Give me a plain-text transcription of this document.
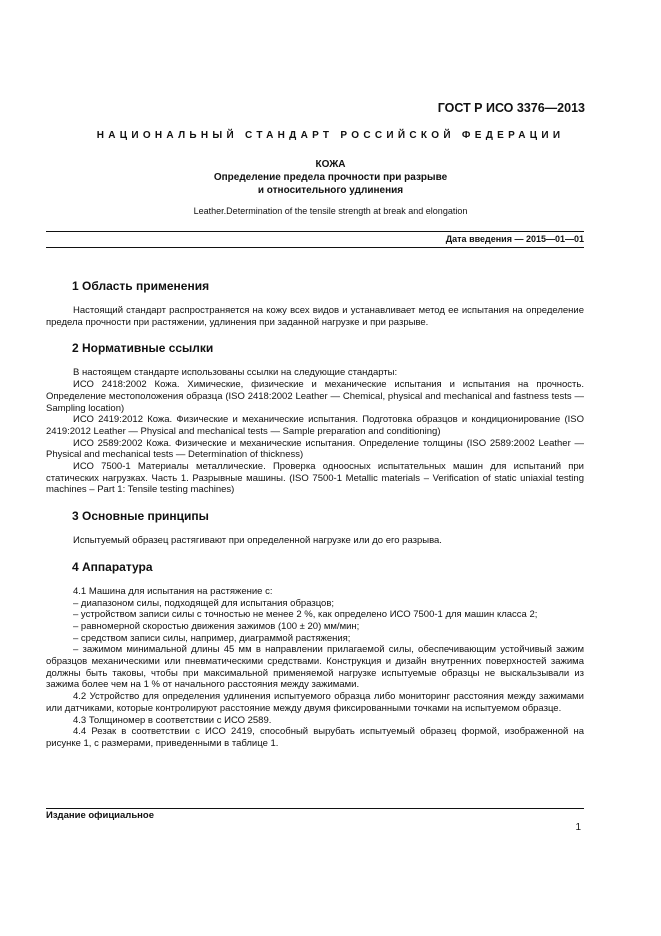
ГОСТ Р ИСО 3376—2013
НАЦИОНАЛЬНЫЙ СТАНДАРТ РОССИЙСКОЙ ФЕДЕРАЦИИ
КОЖА
Определение предела прочности при разрыве
и относительного удлинения
Leather.Determination of the tensile strength at break and elongation
Дата введения — 2015—01—01
1 Область применения

Настоящий стандарт распространяется на кожу всех видов и устанавливает метод ее испытания на определение предела прочности при растяжении, удлинения при заданной нагрузке и при разрыве.

2 Нормативные ссылки

В настоящем стандарте использованы ссылки на следующие стандарты:

ИСО 2418:2002 Кожа. Химические, физические и механические испытания и испытания на прочность. Определение местоположения образца (ISO 2418:2002 Leather — Chemical, physical and mechanical and fastness tests — Sampling location)

ИСО 2419:2012 Кожа. Физические и механические испытания. Подготовка образцов и кондиционирование (ISO 2419:2012 Leather — Physical and mechanical tests — Sample preparation and conditioning)

ИСО 2589:2002 Кожа. Физические и механические испытания. Определение толщины (ISO 2589:2002 Leather — Physical and mechanical tests — Determination of thickness)

ИСО 7500-1 Материалы металлические. Проверка одноосных испытательных машин для испытаний при статических нагрузках. Часть 1. Разрывные машины. (ISO 7500-1 Metallic materials – Verification of static uniaxial testing machines – Part 1: Tensile testing machines)

3 Основные принципы

Испытуемый образец растягивают при определенной нагрузке или до его разрыва.

4 Аппаратура

4.1 Машина для испытания на растяжение с:

– диапазоном силы, подходящей для испытания образцов;

– устройством записи силы с точностью не менее 2 %, как определено ИСО 7500-1 для машин класса 2;

– равномерной скоростью движения зажимов (100 ± 20) мм/мин;

– средством записи силы, например, диаграммой растяжения;

– зажимом минимальной длины 45 мм в направлении прилагаемой силы, обеспечивающим устойчивый зажим образцов механическими или пневматическими средствами. Конструкция и дизайн внутренних поверхностей зажима должны быть таковы, чтобы при максимальной применяемой нагрузке испытуемые образцы не выскальзывали из зажима более чем на 1 % от начального расстояния между зажимами.

4.2 Устройство для определения удлинения испытуемого образца либо мониторинг расстояния между зажимами или датчиками, которые контролируют расстояние между двумя фиксированными точками на испытуемом образце.

4.3 Толщиномер в соответствии с ИСО 2589.

4.4 Резак в соответствии с ИСО 2419, способный вырубать испытуемый образец формой, изображенной на рисунке 1, с размерами, приведенными в таблице 1.

Издание официальное
1
